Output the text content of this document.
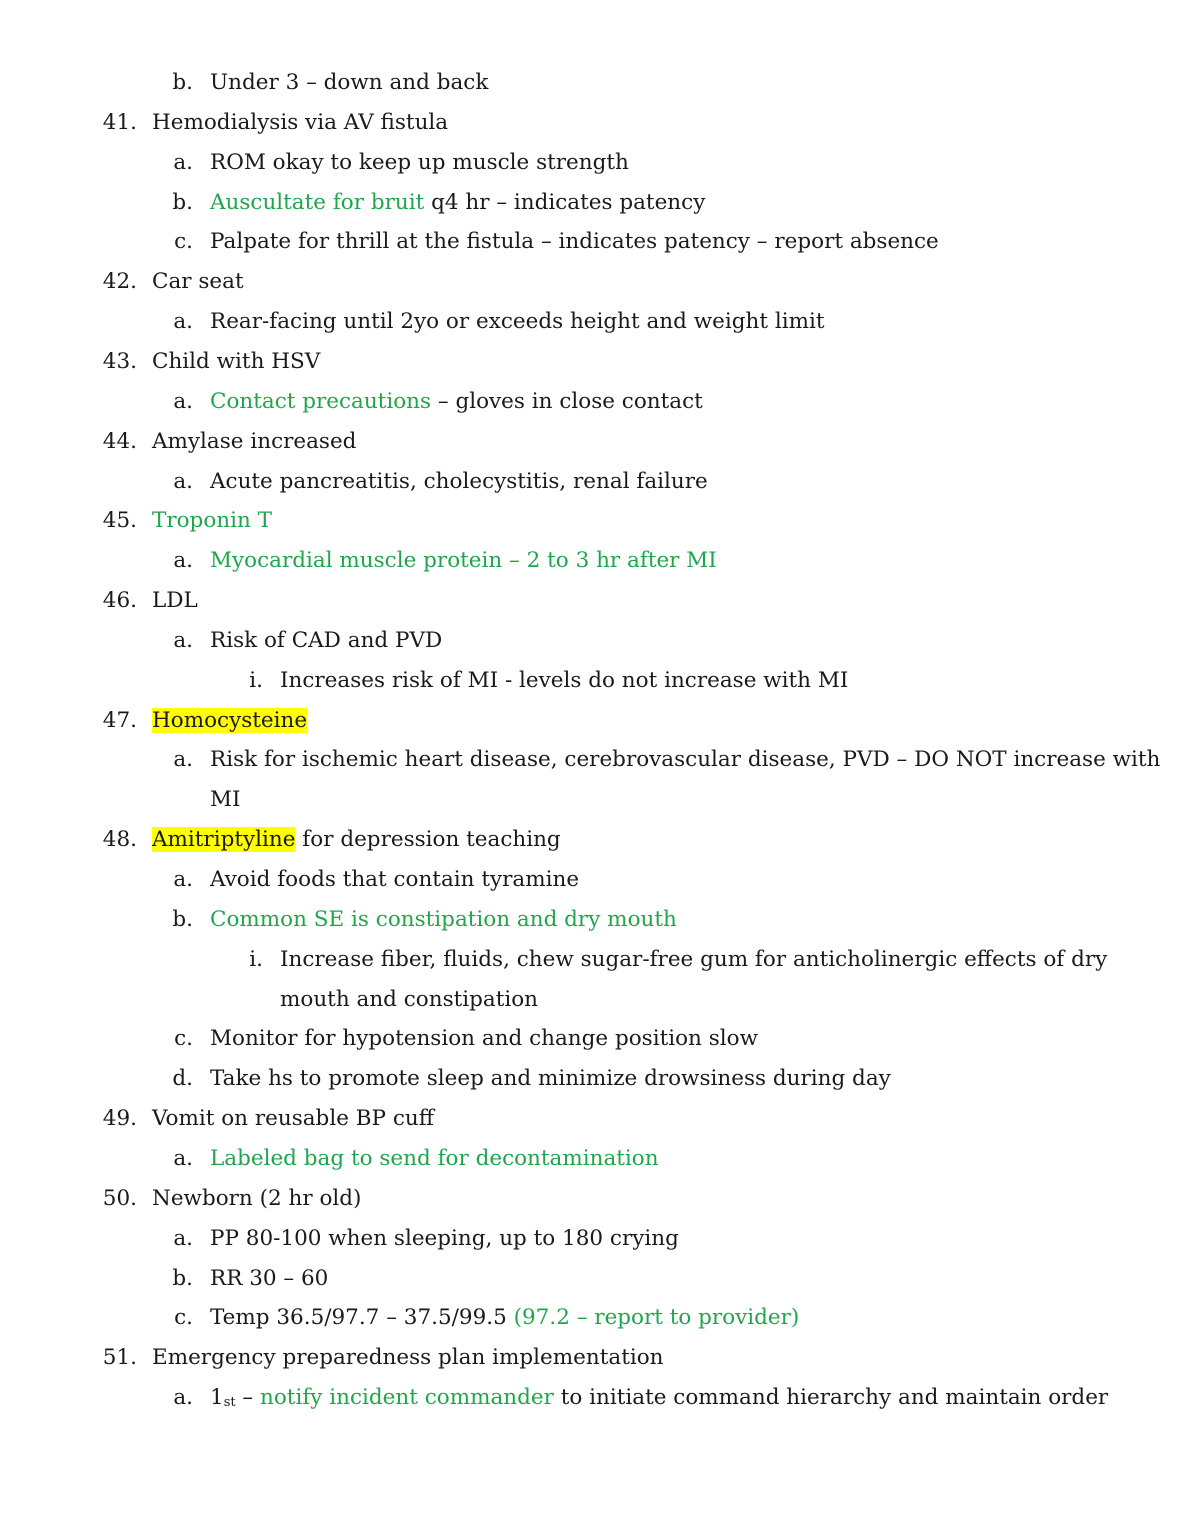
b. Under 3 – down and back
41. Hemodialysis via AV fistula
a. ROM okay to keep up muscle strength
b. Auscultate for bruit q4 hr – indicates patency
c. Palpate for thrill at the fistula – indicates patency – report absence
42. Car seat
a. Rear-facing until 2yo or exceeds height and weight limit
43. Child with HSV
a. Contact precautions – gloves in close contact
44. Amylase increased
a. Acute pancreatitis, cholecystitis, renal failure
45. Troponin T
a. Myocardial muscle protein – 2 to 3 hr after MI
46. LDL
a. Risk of CAD and PVD
i. Increases risk of MI - levels do not increase with MI
47. Homocysteine
a. Risk for ischemic heart disease, cerebrovascular disease, PVD – DO NOT increase with
MI
48. Amitriptyline for depression teaching
a. Avoid foods that contain tyramine
b. Common SE is constipation and dry mouth
i. Increase fiber, fluids, chew sugar-free gum for anticholinergic effects of dry
mouth and constipation
c. Monitor for hypotension and change position slow
d. Take hs to promote sleep and minimize drowsiness during day
49. Vomit on reusable BP cuff
a. Labeled bag to send for decontamination
50. Newborn (2 hr old)
a. PP 80-100 when sleeping, up to 180 crying
b. RR 30 – 60
c. Temp 36.5/97.7 – 37.5/99.5 (97.2 – report to provider)
51. Emergency preparedness plan implementation
a. 1st – notify incident commander to initiate command hierarchy and maintain order
